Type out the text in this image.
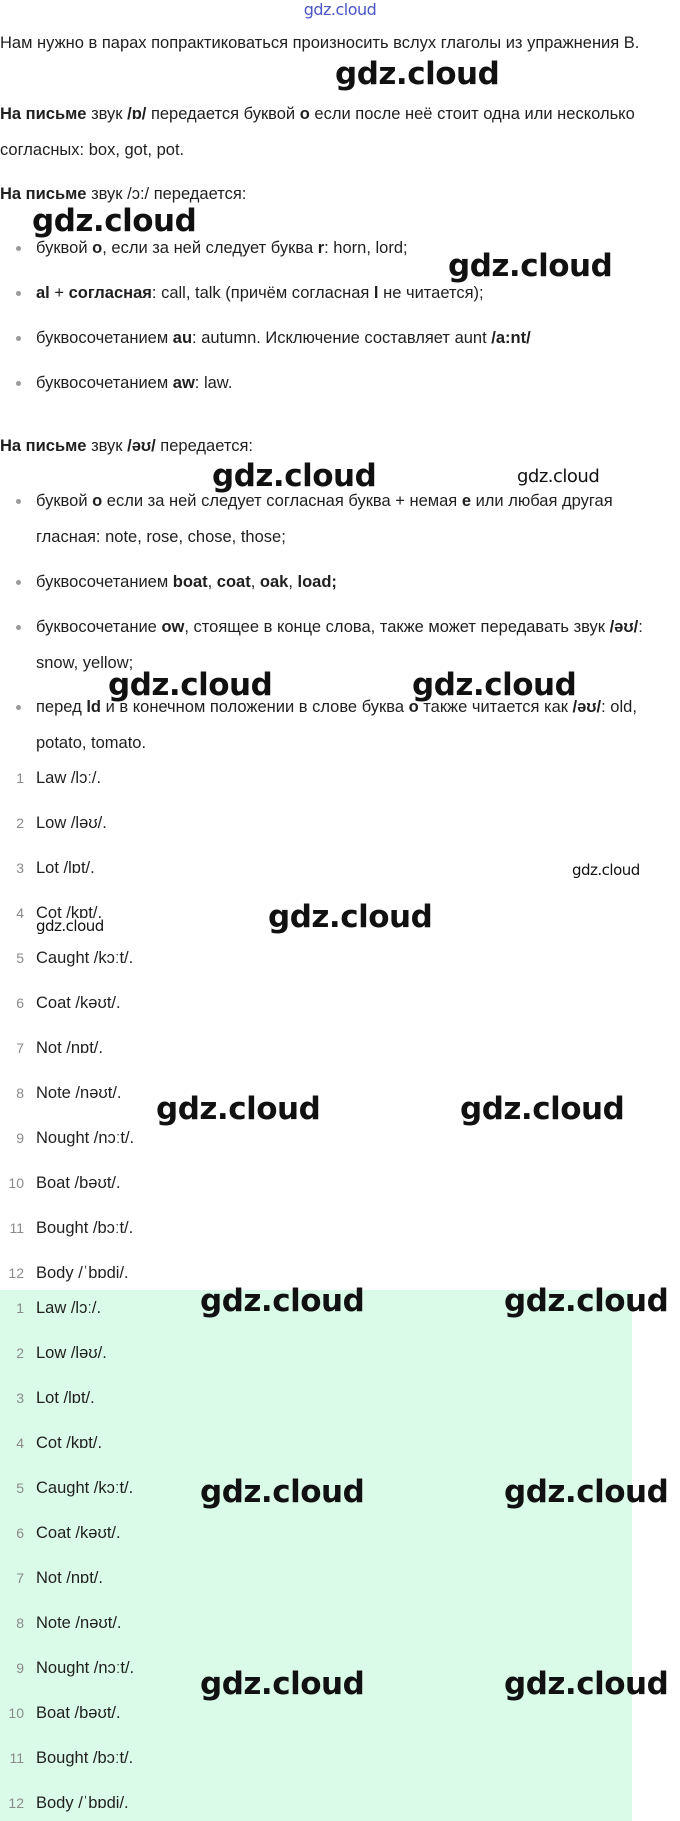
gdz.cloud
Нам нужно в парах попрактиковаться произносить вслух глаголы из упражнения B.
На письме звук /ɒ/ передается буквой o если после неё стоит одна или несколько согласных: box, got, pot.
На письме звук /ɔ:/ передается:
буквой o, если за ней следует буква r: horn, lord;
al + согласная: call, talk (причём согласная l не читается);
буквосочетанием au: autumn. Исключение составляет aunt /a:nt/
буквосочетанием aw: law.
На письме звук /əʊ/ передается:
буквой o если за ней следует согласная буква + немая e или любая другая гласная: note, rose, chose, those;
буквосочетанием boat, coat, oak, load;
буквосочетание ow, стоящее в конце слова, также может передавать звук /əʊ/: snow, yellow;
перед ld и в конечном положении в слове буква o также читается как /əʊ/: old, potato, tomato.
1 Law /lɔː/.
2 Low /ləʊ/.
3 Lot /lɒt/.
4 Cot /kɒt/.
5 Caught /kɔːt/.
6 Coat /kəʊt/.
7 Not /nɒt/.
8 Note /nəʊt/.
9 Nought /nɔːt/.
10 Boat /bəʊt/.
11 Bought /bɔːt/.
12 Body /ˈbɒdi/.
1 Law /lɔː/.
2 Low /ləʊ/.
3 Lot /lɒt/.
4 Cot /kɒt/.
5 Caught /kɔːt/.
6 Coat /kəʊt/.
7 Not /nɒt/.
8 Note /nəʊt/.
9 Nought /nɔːt/.
10 Boat /bəʊt/.
11 Bought /bɔːt/.
12 Body /ˈbɒdi/.
gdz.cloud
gdz.cloud
gdz.cloud
gdz.cloud	gdz.cloud
gdz.cloud	gdz.cloud
gdz.cloud
gdz.cloud
gdz.cloud
gdz.cloud	gdz.cloud
gdz.cloud	gdz.cloud
gdz.cloud	gdz.cloud
gdz.cloud	gdz.cloud
